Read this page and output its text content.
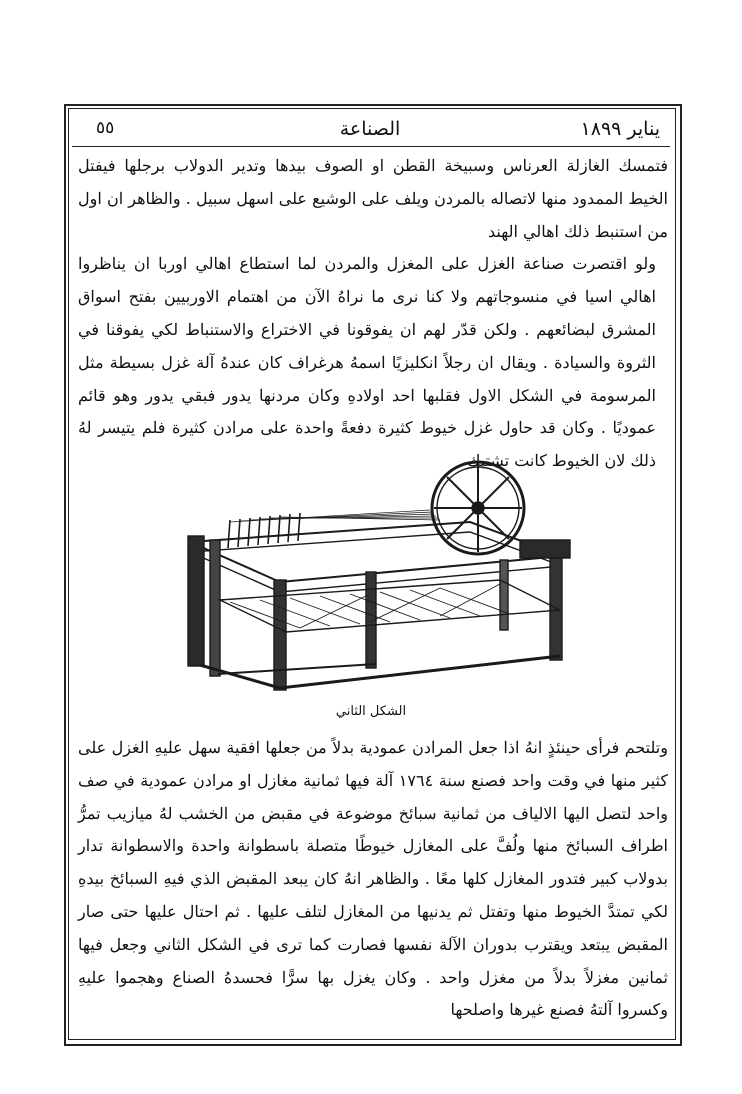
يناير ١٨٩٩
الصناعة
٥٥

فتمسك الغازلة العرناس وسبيخة القطن او الصوف بيدها وتدير الدولاب برجلها فيفتل الخيط الممدود منها لاتصاله بالمردن ويلف على الوشيع على اسهل سبيل . والظاهر ان اول من استنبط ذلك اهالي الهند

ولو اقتصرت صناعة الغزل على المغزل والمردن لما استطاع اهالي اوربا ان يناظروا اهالي اسيا في منسوجاتهم ولا كنا نرى ما نراهُ الآن من اهتمام الاوربيين بفتح اسواق المشرق لبضائعهم . ولكن قدّر لهم ان يفوقونا في الاختراع والاستنباط لكي يفوقنا في الثروة والسيادة . ويقال ان رجلاً انكليزيًا اسمهُ هرغراف كان عندهُ آلة غزل بسيطة مثل المرسومة في الشكل الاول فقلبها احد اولادهِ وكان مردنها يدور فبقي يدور وهو قائم عموديًا . وكان قد حاول غزل خيوط كثيرة دفعةً واحدة على مرادن كثيرة فلم يتيسر لهُ ذلك لان الخيوط كانت تشتبك

الشكل الثاني

وتلتحم فرأى حينئذٍ انهُ اذا جعل المرادن عمودية بدلاً من جعلها افقية سهل عليهِ الغزل على كثير منها في وقت واحد فصنع سنة ١٧٦٤ آلة فيها ثمانية مغازل او مرادن عمودية في صف واحد لتصل اليها الالياف من ثمانية سبائخ موضوعة في مقبض من الخشب لهُ ميازيب تمرُّ اطراف السبائخ منها ولُفَّ على المغازل خيوطًا متصلة باسطوانة واحدة والاسطوانة تدار بدولاب كبير فتدور المغازل كلها معًا . والظاهر انهُ كان يبعد المقبض الذي فيهِ السبائخ بيدهِ لكي تمتدَّ الخيوط منها وتفتل ثم يدنيها من المغازل لتلف عليها . ثم احتال عليها حتى صار المقبض يبتعد ويقترب بدوران الآلة نفسها فصارت كما ترى في الشكل الثاني وجعل فيها ثمانين مغزلاً بدلاً من مغزل واحد . وكان يغزل بها سرًّا فحسدهُ الصناع وهجموا عليهِ وكسروا آلتهُ فصنع غيرها واصلحها
